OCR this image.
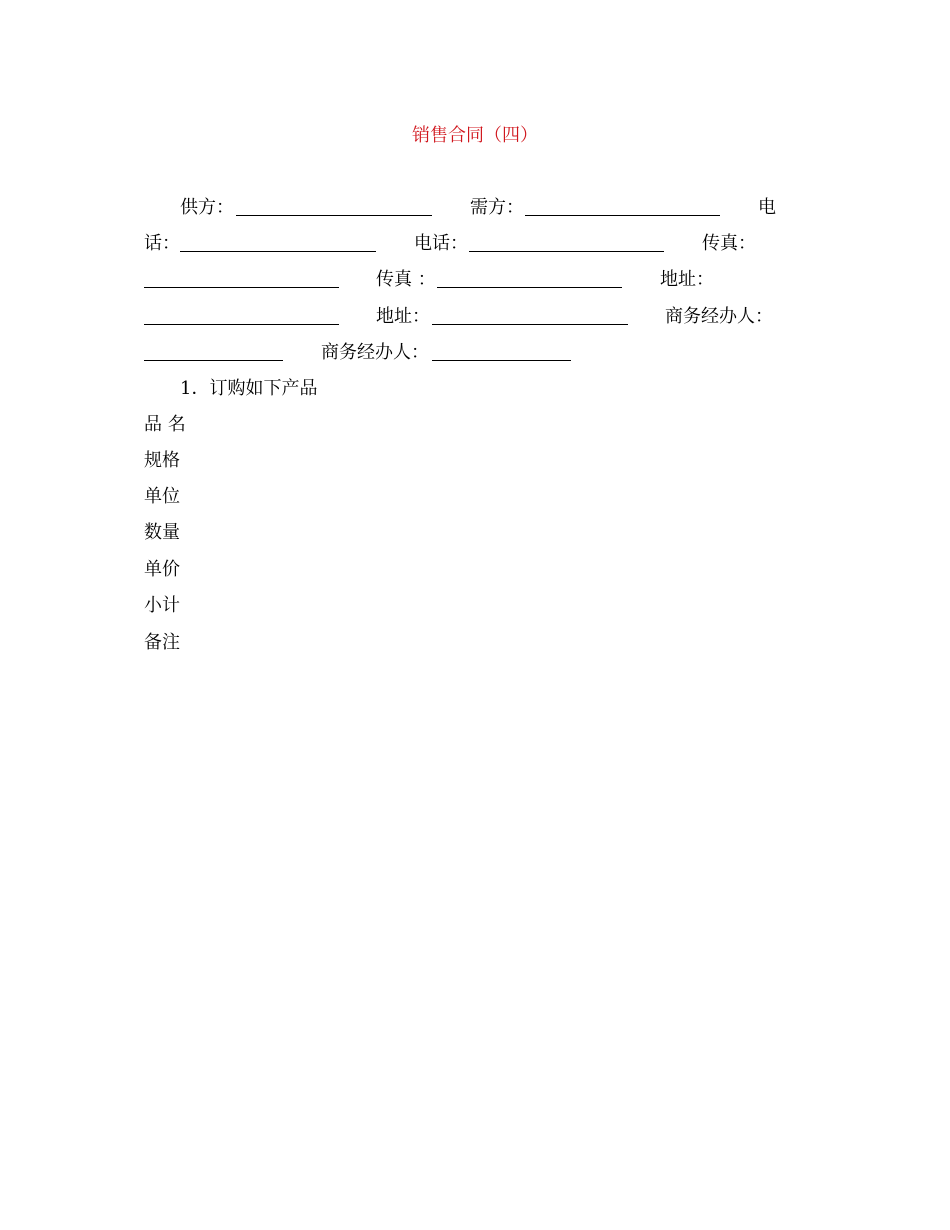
销售合同（四）
供方：	需方：	电
话：	电话：	传真：
传真 ：	地址：
地址：	商务经办人：
商务经办人：
1．订购如下产品
品 名
规格
单位
数量
单价
小计
备注
